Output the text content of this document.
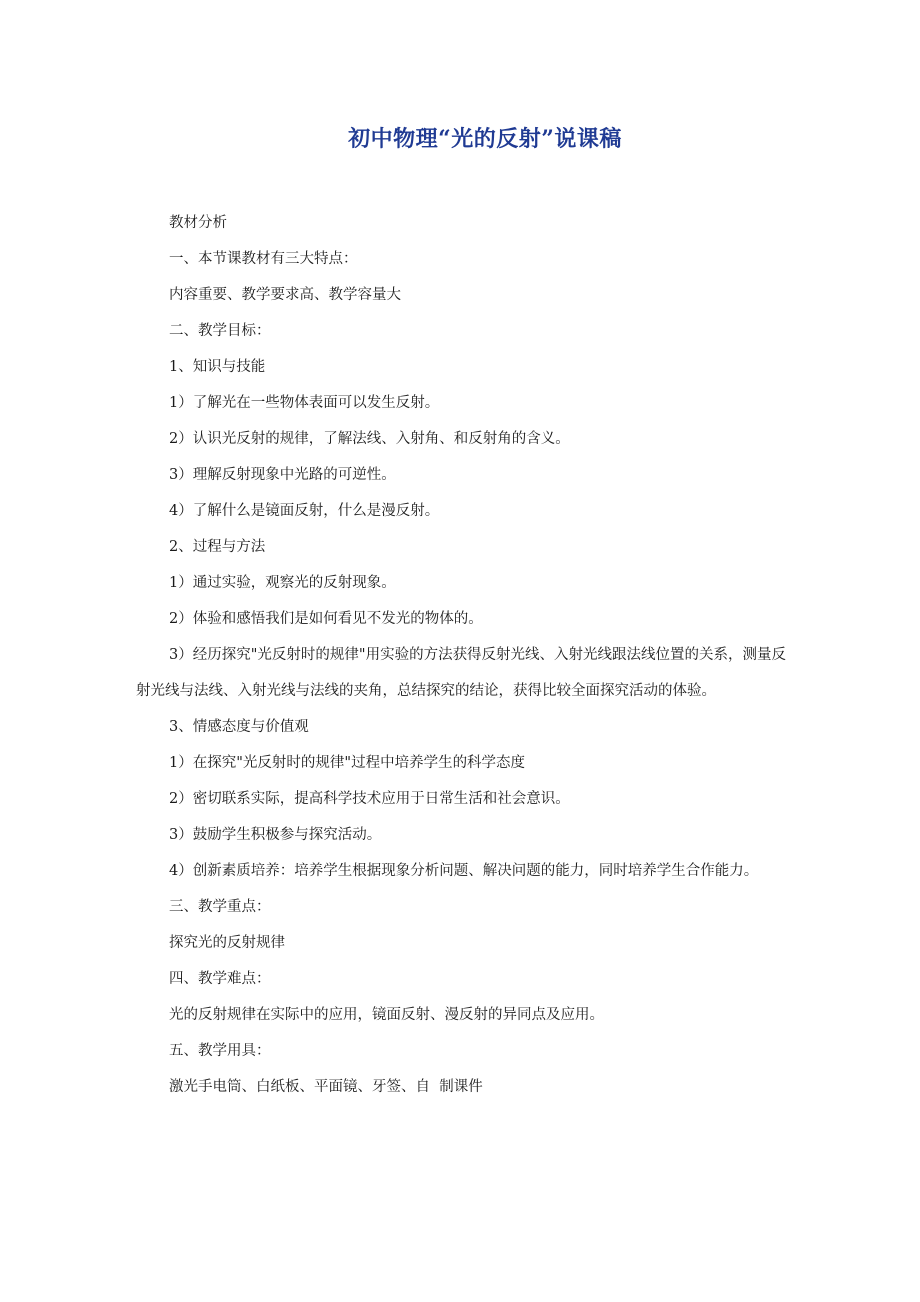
初中物理“光的反射”说课稿

教材分析

一、本节课教材有三大特点：

内容重要、教学要求高、教学容量大

二、教学目标：

1、知识与技能

1）了解光在一些物体表面可以发生反射。

2）认识光反射的规律，了解法线、入射角、和反射角的含义。

3）理解反射现象中光路的可逆性。

4）了解什么是镜面反射，什么是漫反射。

2、过程与方法

1）通过实验，观察光的反射现象。

2）体验和感悟我们是如何看见不发光的物体的。

3）经历探究"光反射时的规律"用实验的方法获得反射光线、入射光线跟法线位置的关系，测量反射光线与法线、入射光线与法线的夹角，总结探究的结论，获得比较全面探究活动的体验。

3、情感态度与价值观

1）在探究"光反射时的规律"过程中培养学生的科学态度

2）密切联系实际，提高科学技术应用于日常生活和社会意识。

3）鼓励学生积极参与探究活动。

4）创新素质培养：培养学生根据现象分析问题、解决问题的能力，同时培养学生合作能力。

三、教学重点：

探究光的反射规律

四、教学难点：

光的反射规律在实际中的应用，镜面反射、漫反射的异同点及应用。

五、教学用具：

激光手电筒、白纸板、平面镜、牙签、自  制课件
